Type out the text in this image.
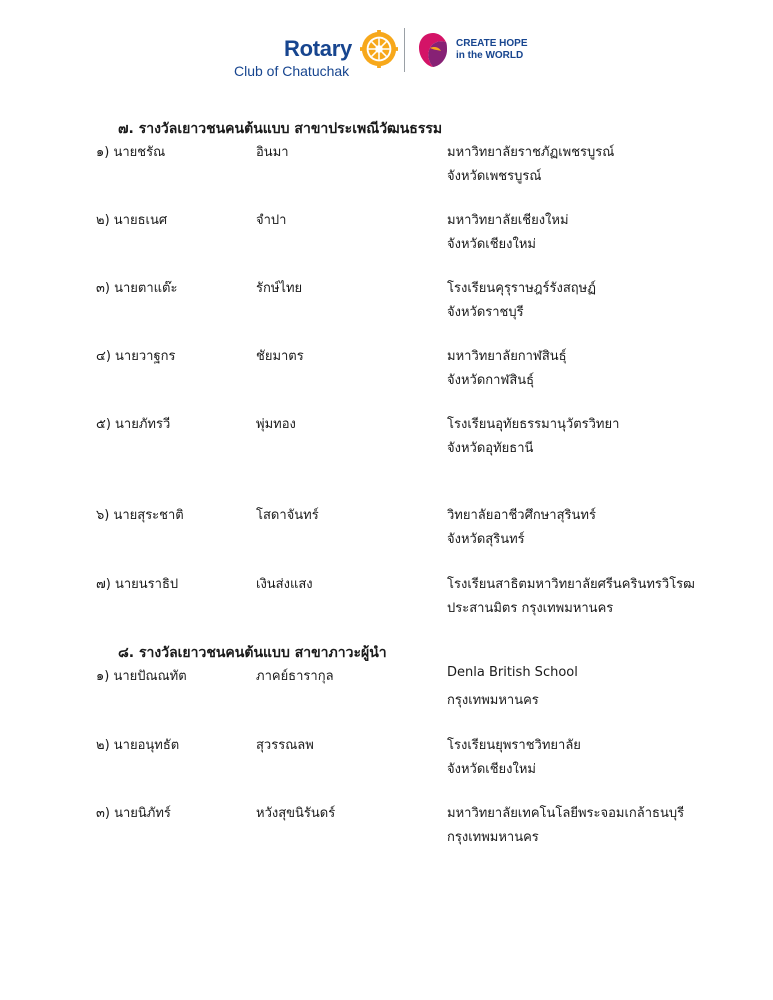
Club of Chatuchak
Rotary	CREATE HOPE
in the WORLD
๗. รางวัลเยาวชนคนต้นแบบ สาขาประเพณีวัฒนธรรม
๑) นายชรัณ	อินมา	มหาวิทยาลัยราชภัฏเพชรบูรณ์
จังหวัดเพชรบูรณ์
๒) นายธเนศ	จำปา	มหาวิทยาลัยเชียงใหม่
จังหวัดเชียงใหม่
๓) นายตาแต๊ะ	รักษ์ไทย	โรงเรียนคุรุราษฎร์รังสฤษฏ์
จังหวัดราชบุรี
๔) นายวาฐกร	ชัยมาตร	มหาวิทยาลัยกาฬสินธุ์
จังหวัดกาฬสินธุ์
๕) นายภัทรวี	พุ่มทอง	โรงเรียนอุทัยธรรมานุวัตรวิทยา
จังหวัดอุทัยธานี
๖) นายสุระชาติ	โสดาจันทร์	วิทยาลัยอาชีวศึกษาสุรินทร์
จังหวัดสุรินทร์
๗) นายนราธิป	เงินส่งแสง	โรงเรียนสาธิตมหาวิทยาลัยศรีนครินทรวิโรฒ
ประสานมิตร กรุงเทพมหานคร
๘. รางวัลเยาวชนคนต้นแบบ สาขาภาวะผู้นำ
๑) นายปัณณทัต	ภาคย์ธารากุล	Denla British School
กรุงเทพมหานคร
๒) นายอนุทธัต	สุวรรณลพ	โรงเรียนยุพราชวิทยาลัย
จังหวัดเชียงใหม่
๓) นายนิภัทร์	หวังสุขนิรันดร์	มหาวิทยาลัยเทคโนโลยีพระจอมเกล้าธนบุรี
กรุงเทพมหานคร
